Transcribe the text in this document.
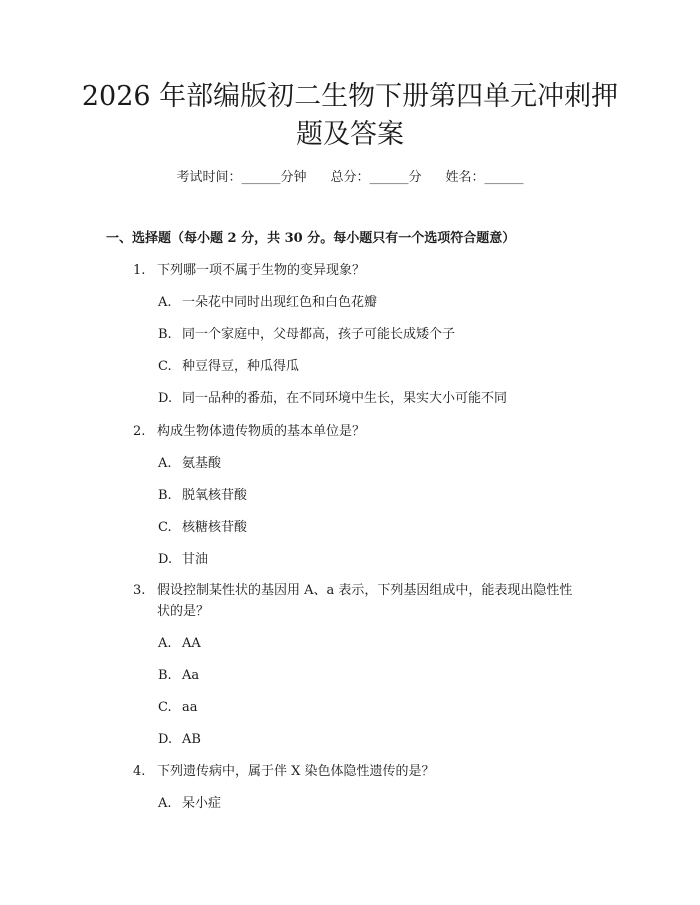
2026 年部编版初二生物下册第四单元冲刺押
题及答案
考试时间：______分钟 总分：______分 姓名：______
一、选择题（每小题 2 分，共 30 分。每小题只有一个选项符合题意）
1. 下列哪一项不属于生物的变异现象？
A. 一朵花中同时出现红色和白色花瓣
B. 同一个家庭中，父母都高，孩子可能长成矮个子
C. 种豆得豆，种瓜得瓜
D. 同一品种的番茄，在不同环境中生长，果实大小可能不同
2. 构成生物体遗传物质的基本单位是？
A. 氨基酸
B. 脱氧核苷酸
C. 核糖核苷酸
D. 甘油
3. 假设控制某性状的基因用 A、a 表示，下列基因组成中，能表现出隐性性
状的是？
A. AA
B. Aa
C. aa
D. AB
4. 下列遗传病中，属于伴 X 染色体隐性遗传的是？
A. 呆小症
